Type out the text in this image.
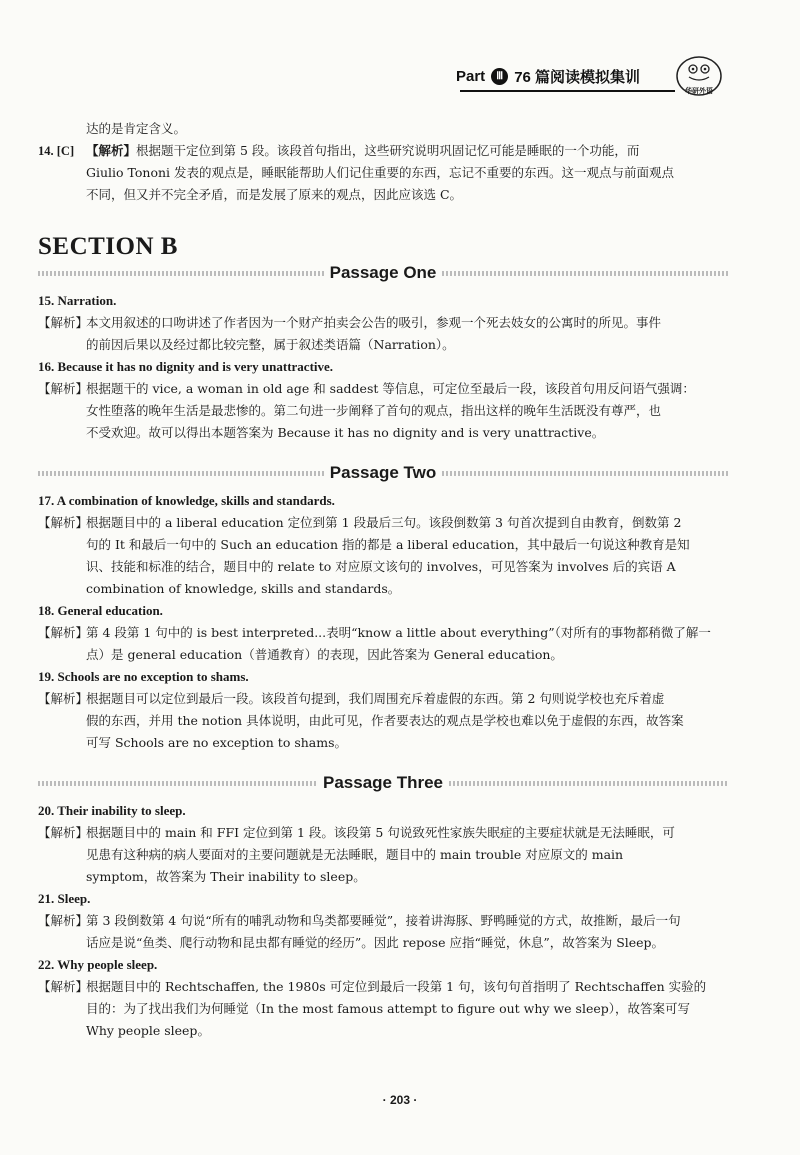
Part	Ⅲ 76 篇阅读模拟集训
华研外语

达的是肯定含义。

14. [C] 【解析】根据题干定位到第 5 段。该段首句指出，这些研究说明巩固记忆可能是睡眠的一个功能，而
Giulio Tononi 发表的观点是，睡眠能帮助人们记住重要的东西，忘记不重要的东西。这一观点与前面观点
不同，但又并不完全矛盾，而是发展了原来的观点，因此应该选 C。
SECTION B
Passage One

15. Narration.

【解析】
本文用叙述的口吻讲述了作者因为一个财产拍卖会公告的吸引，参观一个死去妓女的公寓时的所见。事件
的前因后果以及经过都比较完整，属于叙述类语篇（Narration）。

16. Because it has no dignity and is very unattractive.

【解析】
根据题干的 vice, a woman in old age 和 saddest 等信息，可定位至最后一段，该段首句用反问语气强调：
女性堕落的晚年生活是最悲惨的。第二句进一步阐释了首句的观点，指出这样的晚年生活既没有尊严，也
不受欢迎。故可以得出本题答案为 Because it has no dignity and is very unattractive。
Passage Two

17. A combination of knowledge, skills and standards.

【解析】
根据题目中的 a liberal education 定位到第 1 段最后三句。该段倒数第 3 句首次提到自由教育，倒数第 2
句的 It 和最后一句中的 Such an education 指的都是 a liberal education，其中最后一句说这种教育是知
识、技能和标准的结合，题目中的 relate to 对应原文该句的 involves，可见答案为 involves 后的宾语 A
combination of knowledge, skills and standards。

18. General education.

【解析】
第 4 段第 1 句中的 is best interpreted...表明“know a little about everything”（对所有的事物都稍微了解一
点）是 general education（普通教育）的表现，因此答案为 General education。

19. Schools are no exception to shams.

【解析】
根据题目可以定位到最后一段。该段首句提到，我们周围充斥着虚假的东西。第 2 句则说学校也充斥着虚
假的东西，并用 the notion 具体说明，由此可见，作者要表达的观点是学校也难以免于虚假的东西，故答案
可写 Schools are no exception to shams。
Passage Three

20. Their inability to sleep.

【解析】
根据题目中的 main 和 FFI 定位到第 1 段。该段第 5 句说致死性家族失眠症的主要症状就是无法睡眠，可
见患有这种病的病人要面对的主要问题就是无法睡眠，题目中的 main trouble 对应原文的 main
symptom，故答案为 Their inability to sleep。

21. Sleep.

【解析】
第 3 段倒数第 4 句说“所有的哺乳动物和鸟类都要睡觉”，接着讲海豚、野鸭睡觉的方式，故推断，最后一句
话应是说“鱼类、爬行动物和昆虫都有睡觉的经历”。因此 repose 应指“睡觉，休息”，故答案为 Sleep。

22. Why people sleep.

【解析】
根据题目中的 Rechtschaffen, the 1980s 可定位到最后一段第 1 句，该句句首指明了 Rechtschaffen 实验的
目的：为了找出我们为何睡觉（In the most famous attempt to figure out why we sleep），故答案可写
Why people sleep。
· 203 ·
